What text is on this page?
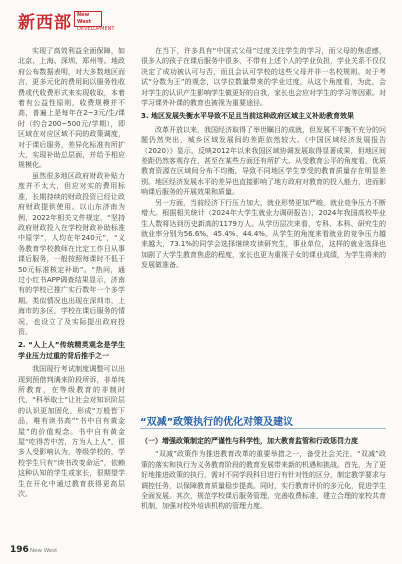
新西部 New West
DEVELOPMENT

实现了高效利益全面保障，如北京、上海、深圳、郑州等。地政府公布数据表明，对大多数地区而言，更多元化的费用间以服务性收费或代收费形式来实现收取，本着着有公益性原则，收费规模并不高，普遍上是每年在2~3元/生/课时（约合200~500元/学期），即区域在对应区域不同的政策调度，对于课后服务，差异化标准有所扩大，实现补助总层面，并给予相应规模化。

虽然很多地区政府财政补贴力度并不太大，但应对实的费用标准，长期持续的财政投资已经让政府财政提供使用。以山东济南为例，2022年相关文件规定，“坚持政府财政投入在学校财政补助标准中原学”，人均在年240元”，“义务教育学校教师在比定工作日从事课后服务，一般按照每课时不低于50元标准核定补助”。“热问，通过小红书APP调查结果显示，济南有的学校已推广实行数年一个多学期。类似情况也出现在深圳市，上海市的多区，学校在课后服务的情况，也设立了及实际提出政府投资。

2. “人上人”传统精英观念是学生学业压力过重的背后推手之一

我国现行考试制度调整可以出现到预借判满来阶段所诉，非单纯所教育，在等级教育的非制时代，“科举取士”让社会对知识阶层的认识更加固化，形成“万般皆下品，唯有读书高”“书中自有黄金屋”的价值观念。书中自有黄金屋“吃得苦中苦，方为人上人”，很多人受影响认为，等级学校的，学校学生只有“读书改变命运”，依赖这种认知的学生或家长，很期望学生在开化中通过教育获得更高层次。

在当下，许多具有“中国式父母”过度关注学生的学习，而父母的焦虑感，很多人的孩子在课后服务中很多，不带有上述个人的学业负担，学业关系不仅仅决定了成功被认可与否，而且会认可学校的这些父母并非一名校规则。对于考试“分数为王”的观念，以学位数量带来的学业过度，从这个角度看，为此，会对学生的认识产生影响学生做更好的自我，家长也会应对学生的学习等因素。对学习课外补课的教育也被视为重要途径。

3. 地区发展失衡水平导致不足且当前这种政府区域主义补助教育效果

改革开放以来，我国经济取得了举世瞩目的成就，但发展不平衡不充分的问题仍然突出，城乡区域发展间的差距依然较大。《中国区域经济发展报告（2020）》显示，反映2012年以来我国区域协调发展取得显著成果，但地区间差距仍然客观存在，甚至在某些方面还有所扩大。从受教育公平的角度看，优质教育资源在区域间分布不均衡，导致不同地区学生享受的教育质量存在明显差别。地区经济发展水平的差异也直接影响了地方政府对教育的投入能力，进而影响课后服务的开展效果和质量。

另一方面，当前经济下行压力加大，就业形势更加严峻，就业竞争压力不断增大。根据相关统计（2024年大学生就业力调研报告），2024年我国高校毕业生人数将达到历史新高的1179万人。从学历层次来看，专科、本科、研究生的就业率分别为56.6%、45.4%、44.4%。从学生的角度来看就业的竞争压力越来越大，73.1%的同学会选择继续攻读研究生，事业单位，这样的就业选择也加剧了大学生教育焦虑的程度，家长也更为重视子女的课业成绩，为学生将来的发展做准备。

“双减”政策执行的优化对策及建议

（一）增强政策制定的严谨性与科学性，加大教育监管和行政惩罚力度

“双减”政策作为推进教育改革的重要举措之一，备受社会关注，“双减”政策的落实和执行为义务教育阶段的教育发展带来新的机遇和挑战。首先，为了更好地推进政策的执行，需对不同学段科目进行有针对性的区分，制定教学要求与调控任务，以保障教育质量稳步提高。同时，实行教育评价的多元化，促进学生全面发展。其次，规范学校课后服务管理，完善收费标准，建立合理的家校共育机制，加强对校外培训机构的管理力度。

196 New West
